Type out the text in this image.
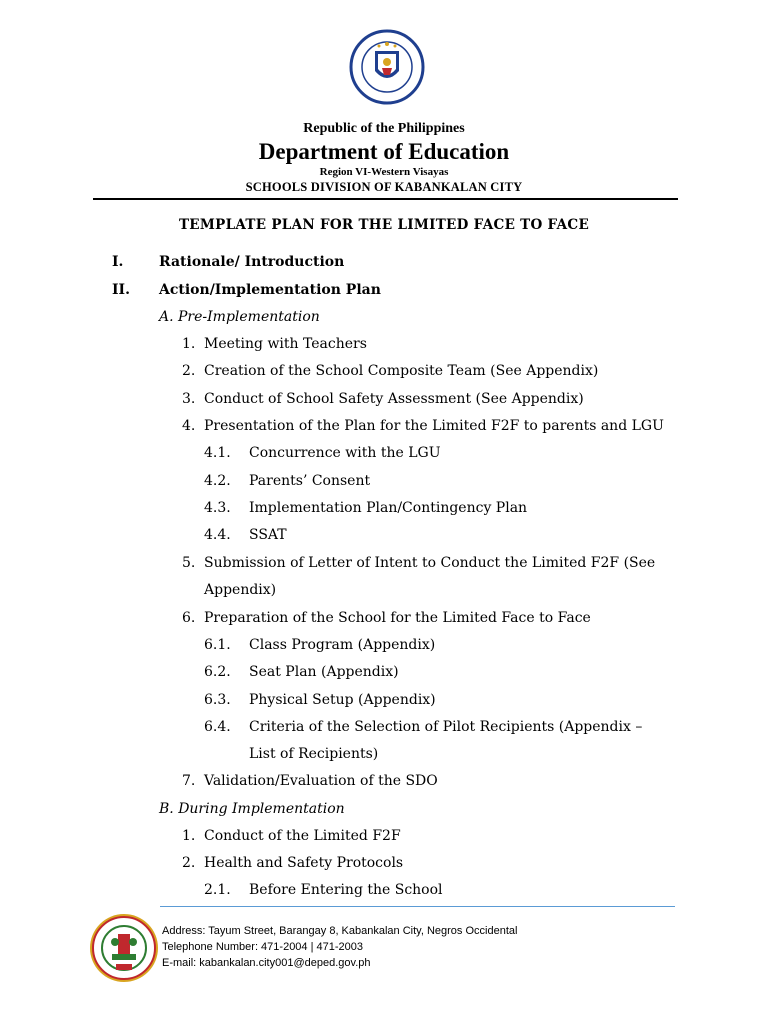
Republic of the Philippines
Department of Education
Region VI-Western Visayas
SCHOOLS DIVISION OF KABANKALAN CITY
TEMPLATE PLAN FOR THE LIMITED FACE TO FACE
I.	Rationale/ Introduction
II. Action/Implementation Plan
A. Pre-Implementation
1. Meeting with Teachers
2. Creation of the School Composite Team (See Appendix)
3. Conduct of School Safety Assessment (See Appendix)
4. Presentation of the Plan for the Limited F2F to parents and LGU
4.1. Concurrence with the LGU
4.2. Parents’ Consent
4.3. Implementation Plan/Contingency Plan
4.4. SSAT
5. Submission of Letter of Intent to Conduct the Limited F2F (See
Appendix)
6. Preparation of the School for the Limited Face to Face
6.1. Class Program (Appendix)
6.2. Seat Plan (Appendix)
6.3. Physical Setup (Appendix)
6.4. Criteria of the Selection of Pilot Recipients (Appendix –
List of Recipients)
7. Validation/Evaluation of the SDO
B. During Implementation
1. Conduct of the Limited F2F
2. Health and Safety Protocols
2.1. Before Entering the School
Address: Tayum Street, Barangay 8, Kabankalan City, Negros Occidental
Telephone Number: 471-2004 | 471-2003
E-mail: kabankalan.city001@deped.gov.ph
